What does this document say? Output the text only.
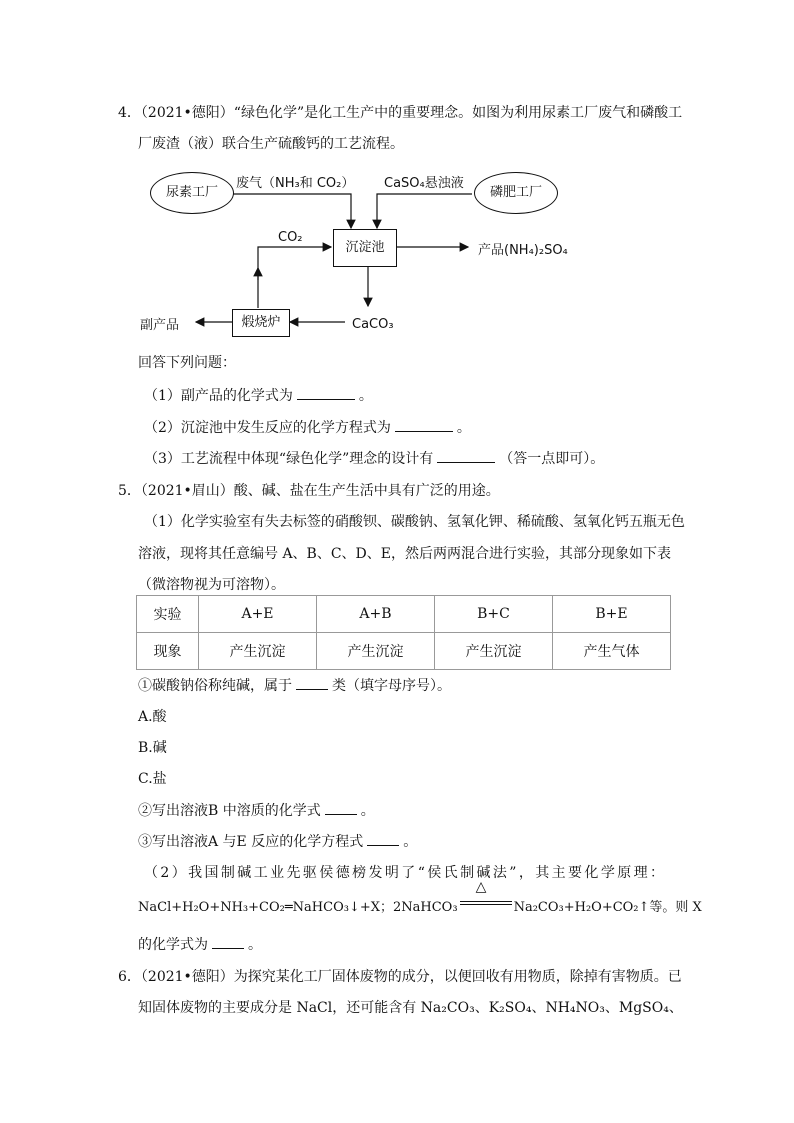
4．（2021•德阳）“绿色化学”是化工生产中的重要理念。如图为利用尿素工厂废气和磷酸工
厂废渣（液）联合生产硫酸钙的工艺流程。
尿素工厂
废气（NH₃和 CO₂） CaSO₄悬浊液
磷肥工厂
CO₂
沉淀池	产品(NH₄)₂SO₄
副产品	煅烧炉	CaCO₃
回答下列问题：
（1）副产品的化学式为	。
（2）沉淀池中发生反应的化学方程式为	。
（3）工艺流程中体现“绿色化学”理念的设计有	（答一点即可）。
5．（2021•眉山）酸、碱、盐在生产生活中具有广泛的用途。
（1）化学实验室有失去标签的硝酸钡、碳酸钠、氢氧化钾、稀硫酸、氢氧化钙五瓶无色
溶液，现将其任意编号 A、B、C、D、E，然后两两混合进行实验，其部分现象如下表
（微溶物视为可溶物）。
实验	A+E	A+B	B+C	B+E
现象	产生沉淀	产生沉淀	产生沉淀	产生气体
①碳酸钠俗称纯碱，属于	类（填字母序号）。
A.酸
B.碱
C.盐
②写出溶液B 中溶质的化学式	。
③写出溶液A 与E 反应的化学方程式	。
（2）我国制碱工业先驱侯德榜发明了“侯氏制碱法”，其主要化学原理：
NaCl+H₂O+NH₃+CO₂═NaHCO₃↓+X；2NaHCO₃
△
Na₂CO₃+H₂O+CO₂↑等。则 X
的化学式为	。
6．（2021•德阳）为探究某化工厂固体废物的成分，以便回收有用物质，除掉有害物质。已
知固体废物的主要成分是 NaCl，还可能含有 Na₂CO₃、K₂SO₄、NH₄NO₃、MgSO₄、
